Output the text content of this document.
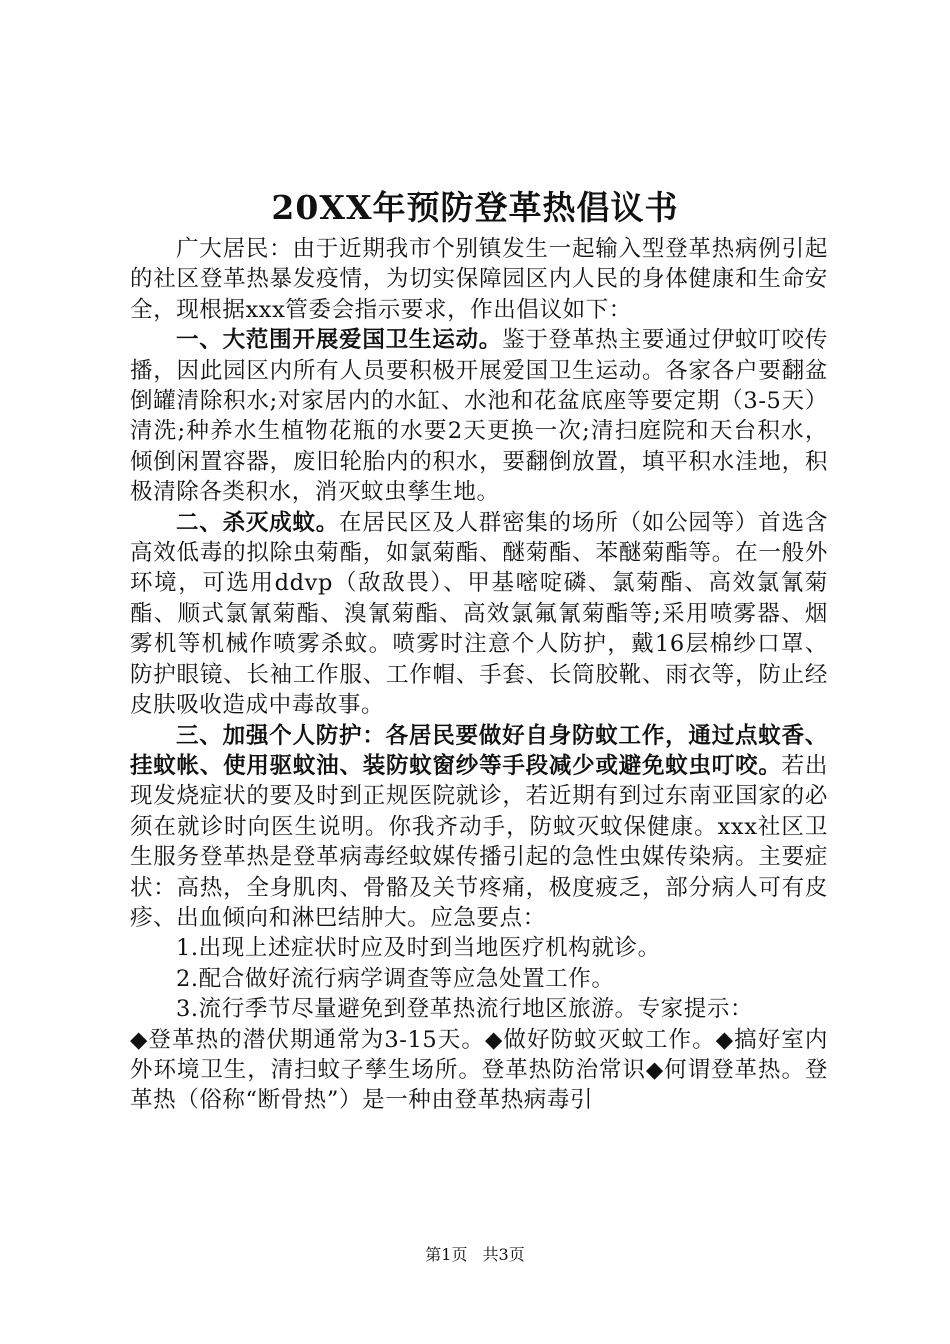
20XX年预防登革热倡议书

广大居民：由于近期我市个别镇发生一起输入型登革热病例引起的社区登革热暴发疫情，为切实保障园区内人民的身体健康和生命安全，现根据xxx管委会指示要求，作出倡议如下：

一、大范围开展爱国卫生运动。鉴于登革热主要通过伊蚊叮咬传播，因此园区内所有人员要积极开展爱国卫生运动。各家各户要翻盆倒罐清除积水;对家居内的水缸、水池和花盆底座等要定期（3-5天）清洗;种养水生植物花瓶的水要2天更换一次;清扫庭院和天台积水，倾倒闲置容器，废旧轮胎内的积水，要翻倒放置，填平积水洼地，积极清除各类积水，消灭蚊虫孳生地。

二、杀灭成蚊。在居民区及人群密集的场所（如公园等）首选含高效低毒的拟除虫菊酯，如氯菊酯、醚菊酯、苯醚菊酯等。在一般外环境，可选用ddvp（敌敌畏）、甲基嘧啶磷、氯菊酯、高效氯氰菊酯、顺式氯氰菊酯、溴氰菊酯、高效氯氟氰菊酯等;采用喷雾器、烟雾机等机械作喷雾杀蚊。喷雾时注意个人防护，戴16层棉纱口罩、防护眼镜、长袖工作服、工作帽、手套、长筒胶靴、雨衣等，防止经皮肤吸收造成中毒故事。

三、加强个人防护：各居民要做好自身防蚊工作，通过点蚊香、挂蚊帐、使用驱蚊油、装防蚊窗纱等手段减少或避免蚊虫叮咬。若出现发烧症状的要及时到正规医院就诊，若近期有到过东南亚国家的必须在就诊时向医生说明。你我齐动手，防蚊灭蚊保健康。xxx社区卫生服务登革热是登革病毒经蚊媒传播引起的急性虫媒传染病。主要症状：高热，全身肌肉、骨骼及关节疼痛，极度疲乏，部分病人可有皮疹、出血倾向和淋巴结肿大。应急要点：

1.出现上述症状时应及时到当地医疗机构就诊。

2.配合做好流行病学调查等应急处置工作。

3.流行季节尽量避免到登革热流行地区旅游。专家提示：

◆登革热的潜伏期通常为3-15天。◆做好防蚊灭蚊工作。◆搞好室内外环境卫生，清扫蚊子孳生场所。登革热防治常识◆何谓登革热。登革热（俗称“断骨热”）是一种由登革热病毒引

第1页 共3页
